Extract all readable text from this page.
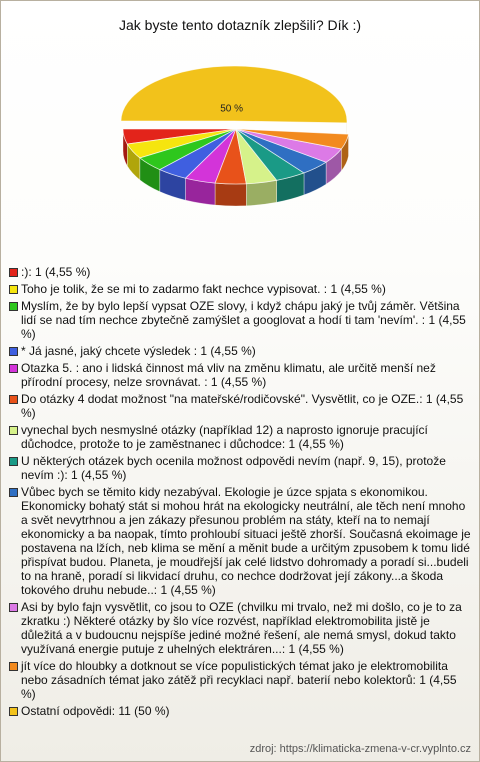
Jak byste tento dotazník zlepšili? Dík :)
50 %
:): 1 (4,55 %)
Toho je tolik, že se mi to zadarmo fakt nechce vypisovat. : 1 (4,55 %)
Myslím, že by bylo lepší vypsat OZE slovy, i když chápu jaký je tvůj záměr. Většina lidí se nad tím nechce zbytečně zamýšlet a googlovat a hodí ti tam 'nevím'. : 1 (4,55 %)
* Já jasné, jaký chcete výsledek : 1 (4,55 %)
Otazka 5. : ano i lidská činnost má vliv na změnu klimatu, ale určitě menší než přírodní procesy, nelze srovnávat. : 1 (4,55 %)
Do otázky 4 dodat možnost "na mateřské/rodičovské". Vysvětlit, co je OZE.: 1 (4,55 %)
vynechal bych nesmyslné otázky (například 12) a naprosto ignoruje pracující důchodce, protože to je zaměstnanec i důchodce: 1 (4,55 %)
U některých otázek bych ocenila možnost odpovědi nevím (např. 9, 15), protože nevím :): 1 (4,55 %)
Vůbec bych se těmito kidy nezabýval. Ekologie je úzce spjata s ekonomikou. Ekonomicky bohatý stát si mohou hrát na ekologicky neutrální, ale těch není mnoho a svět nevytrhnou a jen zákazy přesunou problém na státy, kteří na to nemají ekonomicky a ba naopak, tímto prohloubí situaci ještě zhorší. Současná ekoimage je postavena na lžích, neb klima se mění a měnit bude a určitým zpusobem k tomu lidé přispívat budou. Planeta, je moudřejší jak celé lidstvo dohromady a poradí si...budeli to na hraně, poradí si likvidací druhu, co nechce dodržovat její zákony...a škoda tokového druhu nebude..: 1 (4,55 %)
Asi by bylo fajn vysvětlit, co jsou to OZE (chvilku mi trvalo, než mi došlo, co je to za zkratku :) Některé otázky by šlo více rozvést, například elektromobilita jistě je důležitá a v budoucnu nejspíše jediné možné řešení, ale nemá smysl, dokud takto využívaná energie putuje z uhelných elektráren...: 1 (4,55 %)
jít více do hloubky a dotknout se více populistických témat jako je elektromobilita nebo zásadních témat jako zátěž při recyklaci např. baterií nebo kolektorů: 1 (4,55 %)
Ostatní odpovědi: 11 (50 %)
zdroj: https://klimaticka-zmena-v-cr.vyplnto.cz
